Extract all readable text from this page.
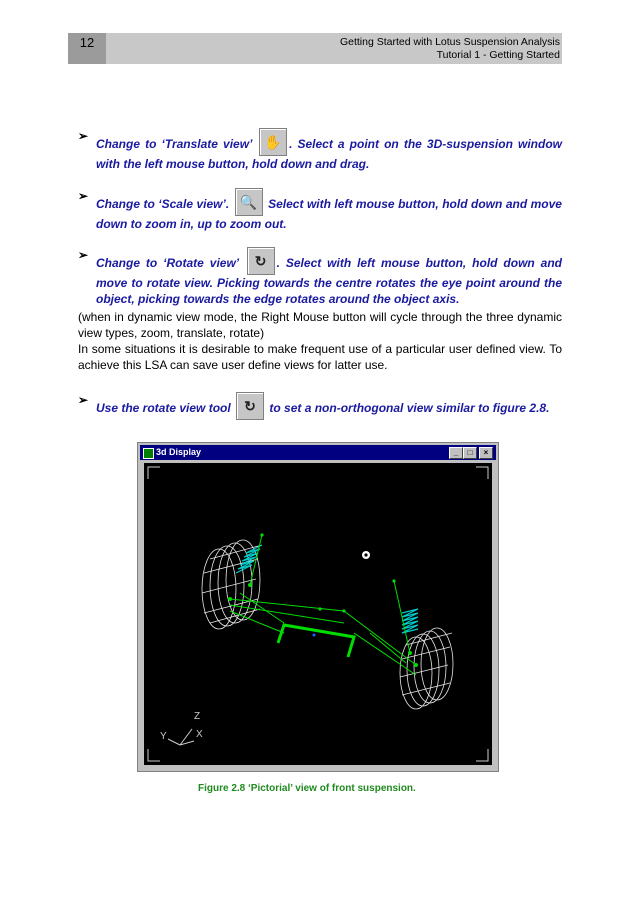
12	Getting Started with Lotus Suspension Analysis
Tutorial 1 - Getting Started
➢
Change to ‘Translate view’ ✋ . Select a point on the 3D-suspension window with the left mouse button, hold down and drag.
➢
Change to ‘Scale view’. 🔍 Select with left mouse button, hold down and move down to zoom in, up to zoom out.
➢
Change to ‘Rotate view’	↻ . Select with left mouse button, hold down and move to rotate view. Picking towards the centre rotates the eye point around the object, picking towards the edge rotates around the object axis.
(when in dynamic view mode, the Right Mouse button will cycle through the three dynamic view types, zoom, translate, rotate)
In some situations it is desirable to make frequent use of a particular user defined view. To achieve this LSA can save user define views for latter use.
➢
Use the rotate view tool ↻ to set a non-orthogonal view similar to figure 2.8.
3d Display	_	□	×
Z
Y	X
Figure 2.8 ‘Pictorial’ view of front suspension.
